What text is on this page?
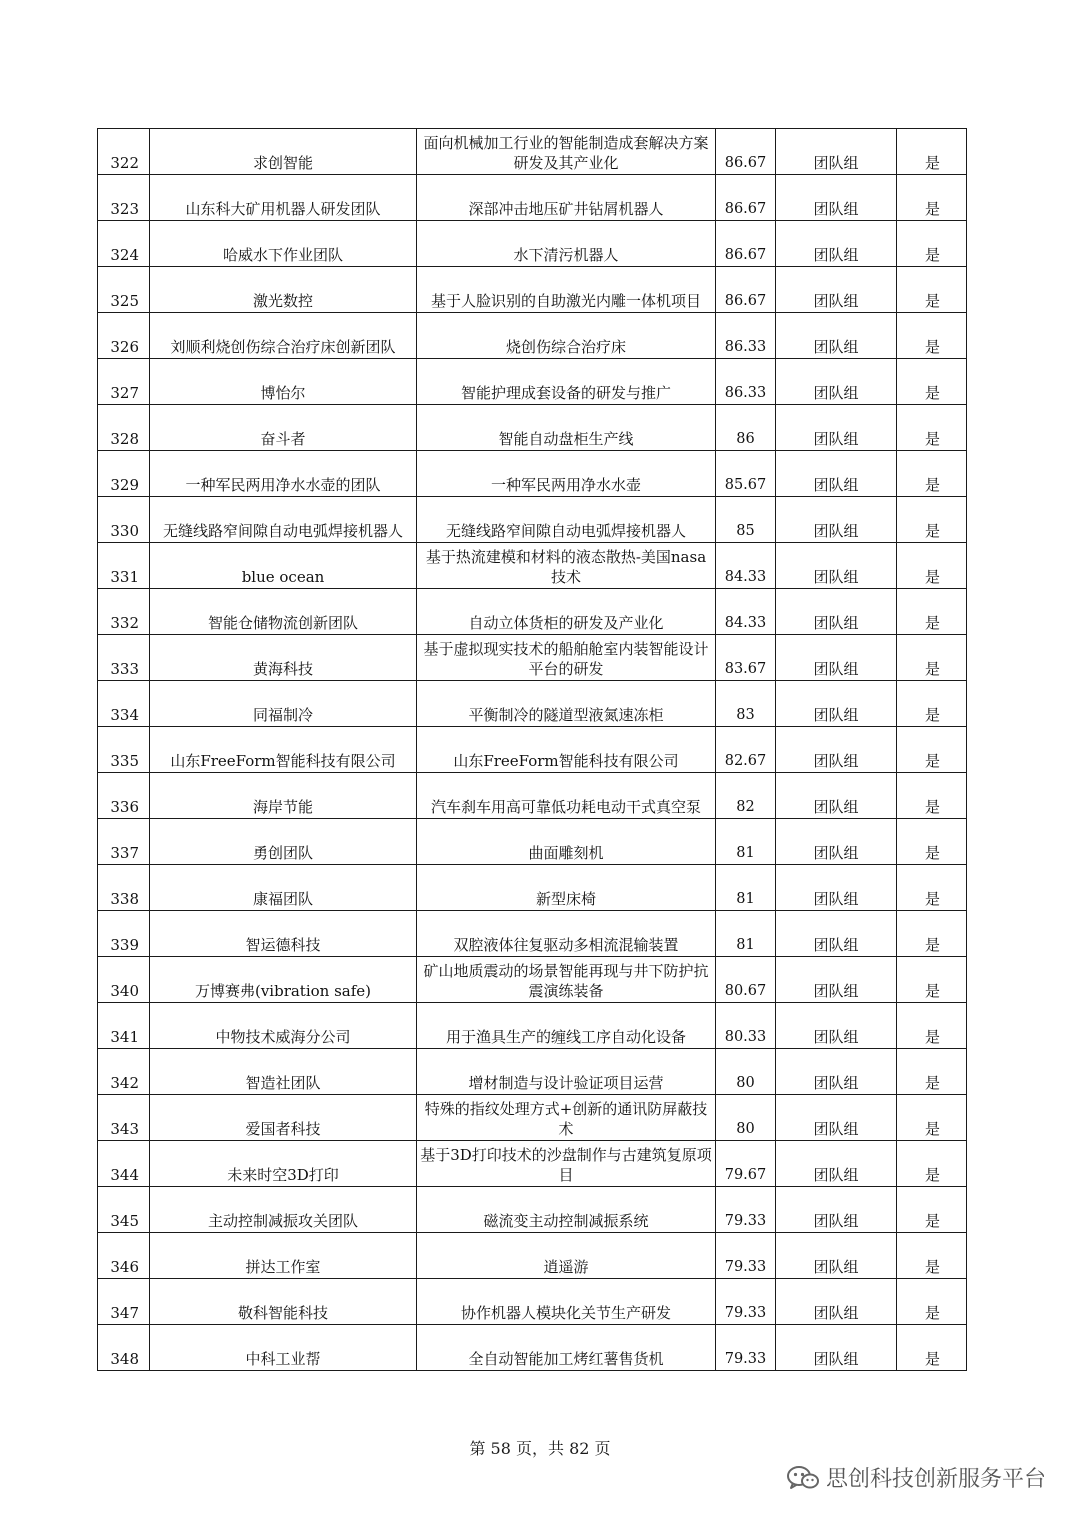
322	求创智能	面向机械加工行业的智能制造成套解决方案研发及其产业化	86.67	团队组	是
323	山东科大矿用机器人研发团队	深部冲击地压矿井钻屑机器人	86.67	团队组	是
324	哈威水下作业团队	水下清污机器人	86.67	团队组	是
325	激光数控	基于人脸识别的自助激光内雕一体机项目	86.67	团队组	是
326	刘顺利烧创伤综合治疗床创新团队	烧创伤综合治疗床	86.33	团队组	是
327	博怡尔	智能护理成套设备的研发与推广	86.33	团队组	是
328	奋斗者	智能自动盘柜生产线	86	团队组	是
329	一种军民两用净水水壶的团队	一种军民两用净水水壶	85.67	团队组	是
330	无缝线路窄间隙自动电弧焊接机器人	无缝线路窄间隙自动电弧焊接机器人	85	团队组	是
331	blue ocean	基于热流建模和材料的液态散热-美国nasa技术	84.33	团队组	是
332	智能仓储物流创新团队	自动立体货柜的研发及产业化	84.33	团队组	是
333	黄海科技	基于虚拟现实技术的船舶舱室内装智能设计平台的研发	83.67	团队组	是
334	同福制冷	平衡制冷的隧道型液氮速冻柜	83	团队组	是
335	山东FreeForm智能科技有限公司	山东FreeForm智能科技有限公司	82.67	团队组	是
336	海岸节能	汽车刹车用高可靠低功耗电动干式真空泵	82	团队组	是
337	勇创团队	曲面雕刻机	81	团队组	是
338	康福团队	新型床椅	81	团队组	是
339	智运德科技	双腔液体往复驱动多相流混输装置	81	团队组	是
340	万博赛弗(vibration safe)	矿山地质震动的场景智能再现与井下防护抗震演练装备	80.67	团队组	是
341	中物技术威海分公司	用于渔具生产的缠线工序自动化设备	80.33	团队组	是
342	智造社团队	增材制造与设计验证项目运营	80	团队组	是
343	爱国者科技	特殊的指纹处理方式+创新的通讯防屏蔽技术	80	团队组	是
344	未来时空3D打印	基于3D打印技术的沙盘制作与古建筑复原项目	79.67	团队组	是
345	主动控制减振攻关团队	磁流变主动控制减振系统	79.33	团队组	是
346	拼达工作室	逍遥游	79.33	团队组	是
347	敬科智能科技	协作机器人模块化关节生产研发	79.33	团队组	是
348	中科工业帮	全自动智能加工烤红薯售货机	79.33	团队组	是
第 58 页，共 82 页
思创科技创新服务平台
